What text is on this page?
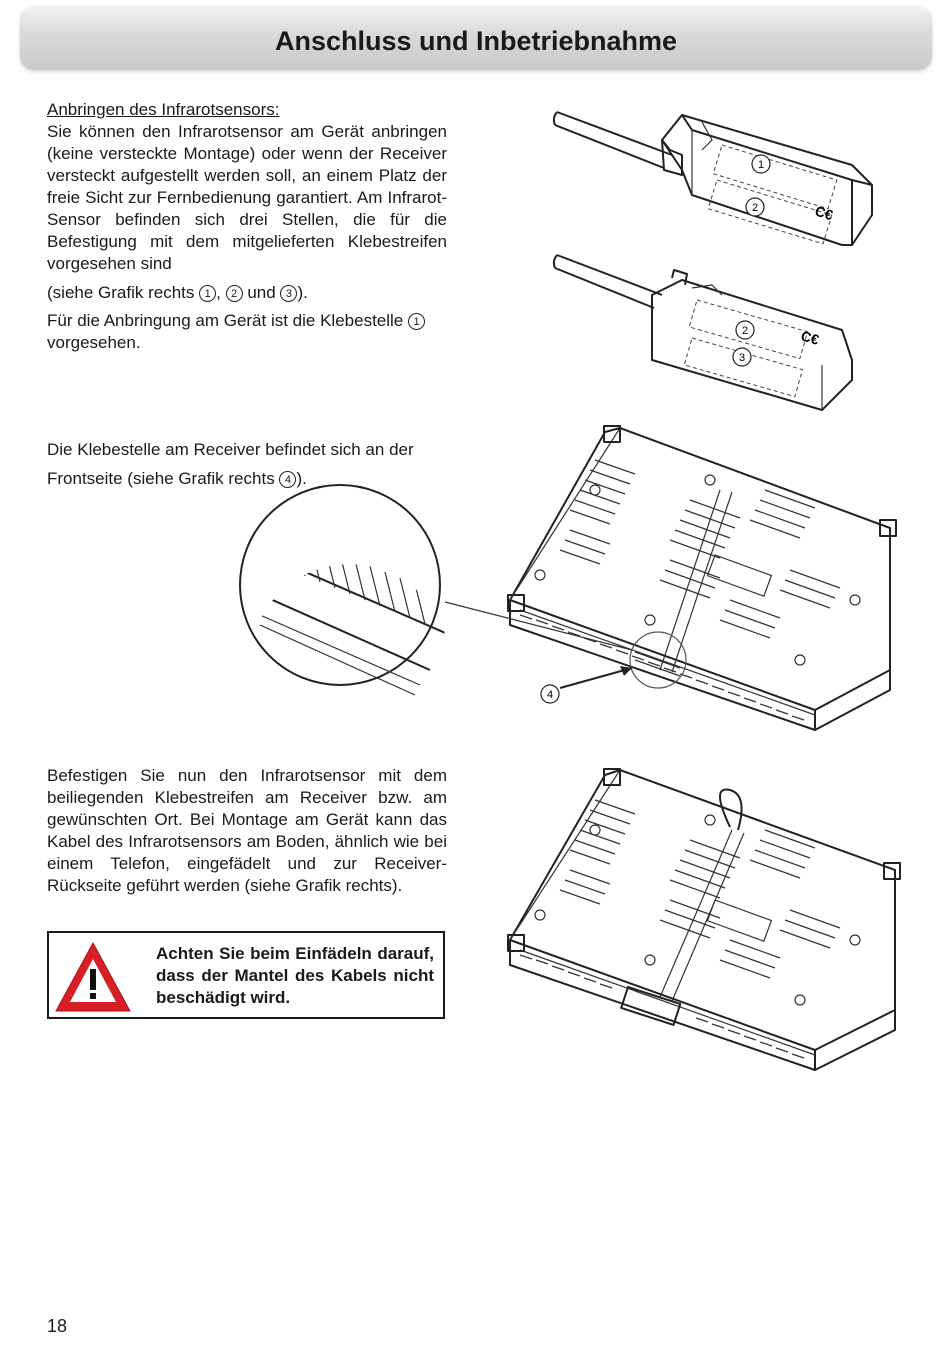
Anschluss und Inbetriebnahme

Anbringen des Infrarotsensors:
Sie können den Infrarotsensor am Gerät anbringen (keine versteckte Montage) oder wenn der Receiver versteckt aufgestellt werden soll, an einem Platz der freie Sicht zur Fernbedienung garantiert. Am Infrarot-Sensor befinden sich drei Stellen, die für die Befestigung mit dem mitgelieferten Klebestreifen vorgesehen sind

(siehe Grafik rechts 1 , 2 und 3 ).
Für die Anbringung am Gerät ist die Klebestelle 1
vorgesehen.
Die Klebestelle am Receiver befindet sich an der
Frontseite (siehe Grafik rechts 4 ).

Befestigen Sie nun den Infrarotsensor mit dem beiliegenden Klebestreifen am Receiver bzw. am gewünschten Ort. Bei Montage am Gerät kann das Kabel des Infrarotsensors am Boden, ähnlich wie bei einem Telefon, eingefädelt und zur Receiver-Rückseite geführt werden (siehe Grafik rechts).

Achten Sie beim Einfädeln darauf, dass der Mantel des Kabels nicht beschädigt wird.
1
2	C€
2
3
C€
4
18
